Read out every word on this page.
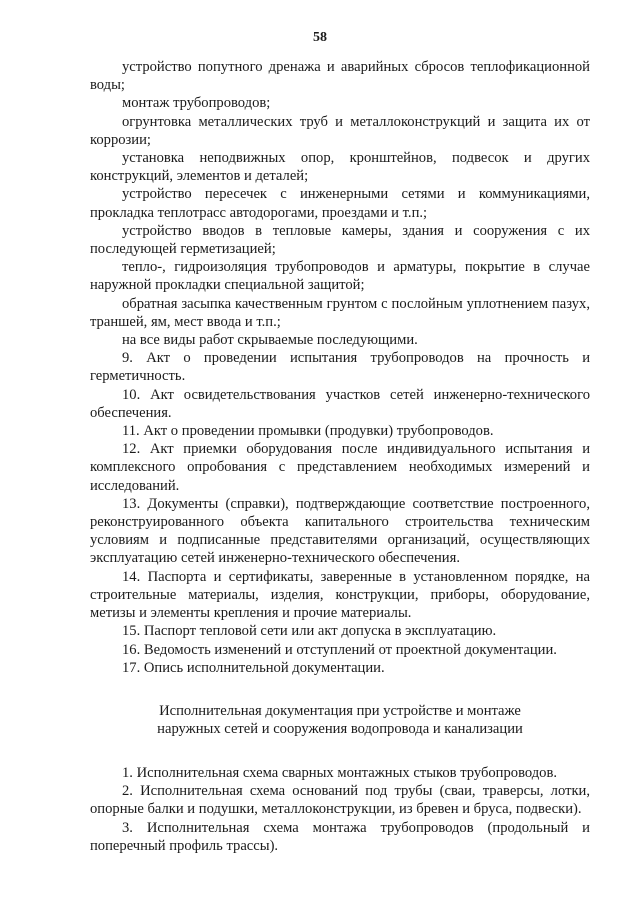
58

устройство попутного дренажа и аварийных сбросов теплофикационной воды;

монтаж трубопроводов;

огрунтовка металлических труб и металлоконструкций и защита их от коррозии;

установка неподвижных опор, кронштейнов, подвесок и других конструкций, элементов и деталей;

устройство пересечек с инженерными сетями и коммуникациями, прокладка теплотрасс автодорогами, проездами и т.п.;

устройство вводов в тепловые камеры, здания и сооружения с их последующей герметизацией;

тепло-, гидроизоляция трубопроводов и арматуры, покрытие в случае наружной прокладки специальной защитой;

обратная засыпка качественным грунтом с послойным уплотнением пазух, траншей, ям, мест ввода и т.п.;

на все виды работ скрываемые последующими.

9. Акт о проведении испытания трубопроводов на прочность и герметичность.

10. Акт освидетельствования участков сетей инженерно-технического обеспечения.

11. Акт о проведении промывки (продувки) трубопроводов.

12. Акт приемки оборудования после индивидуального испытания и комплексного опробования с представлением необходимых измерений и исследований.

13. Документы (справки), подтверждающие соответствие построенного, реконструированного объекта капитального строительства техническим условиям и подписанные представителями организаций, осуществляющих эксплуатацию сетей инженерно-технического обеспечения.

14. Паспорта и сертификаты, заверенные в установленном порядке, на строительные материалы, изделия, конструкции, приборы, оборудование, метизы и элементы крепления и прочие материалы.

15. Паспорт тепловой сети или акт допуска в эксплуатацию.

16. Ведомость изменений и отступлений от проектной документации.

17. Опись исполнительной документации.

Исполнительная документация при устройстве и монтаже
наружных сетей и сооружения водопровода и канализации

1. Исполнительная схема сварных монтажных стыков трубопроводов.

2. Исполнительная схема оснований под трубы (сваи, траверсы, лотки, опорные балки и подушки, металлоконструкции, из бревен и бруса, подвески).

3. Исполнительная схема монтажа трубопроводов (продольный и поперечный профиль трассы).
